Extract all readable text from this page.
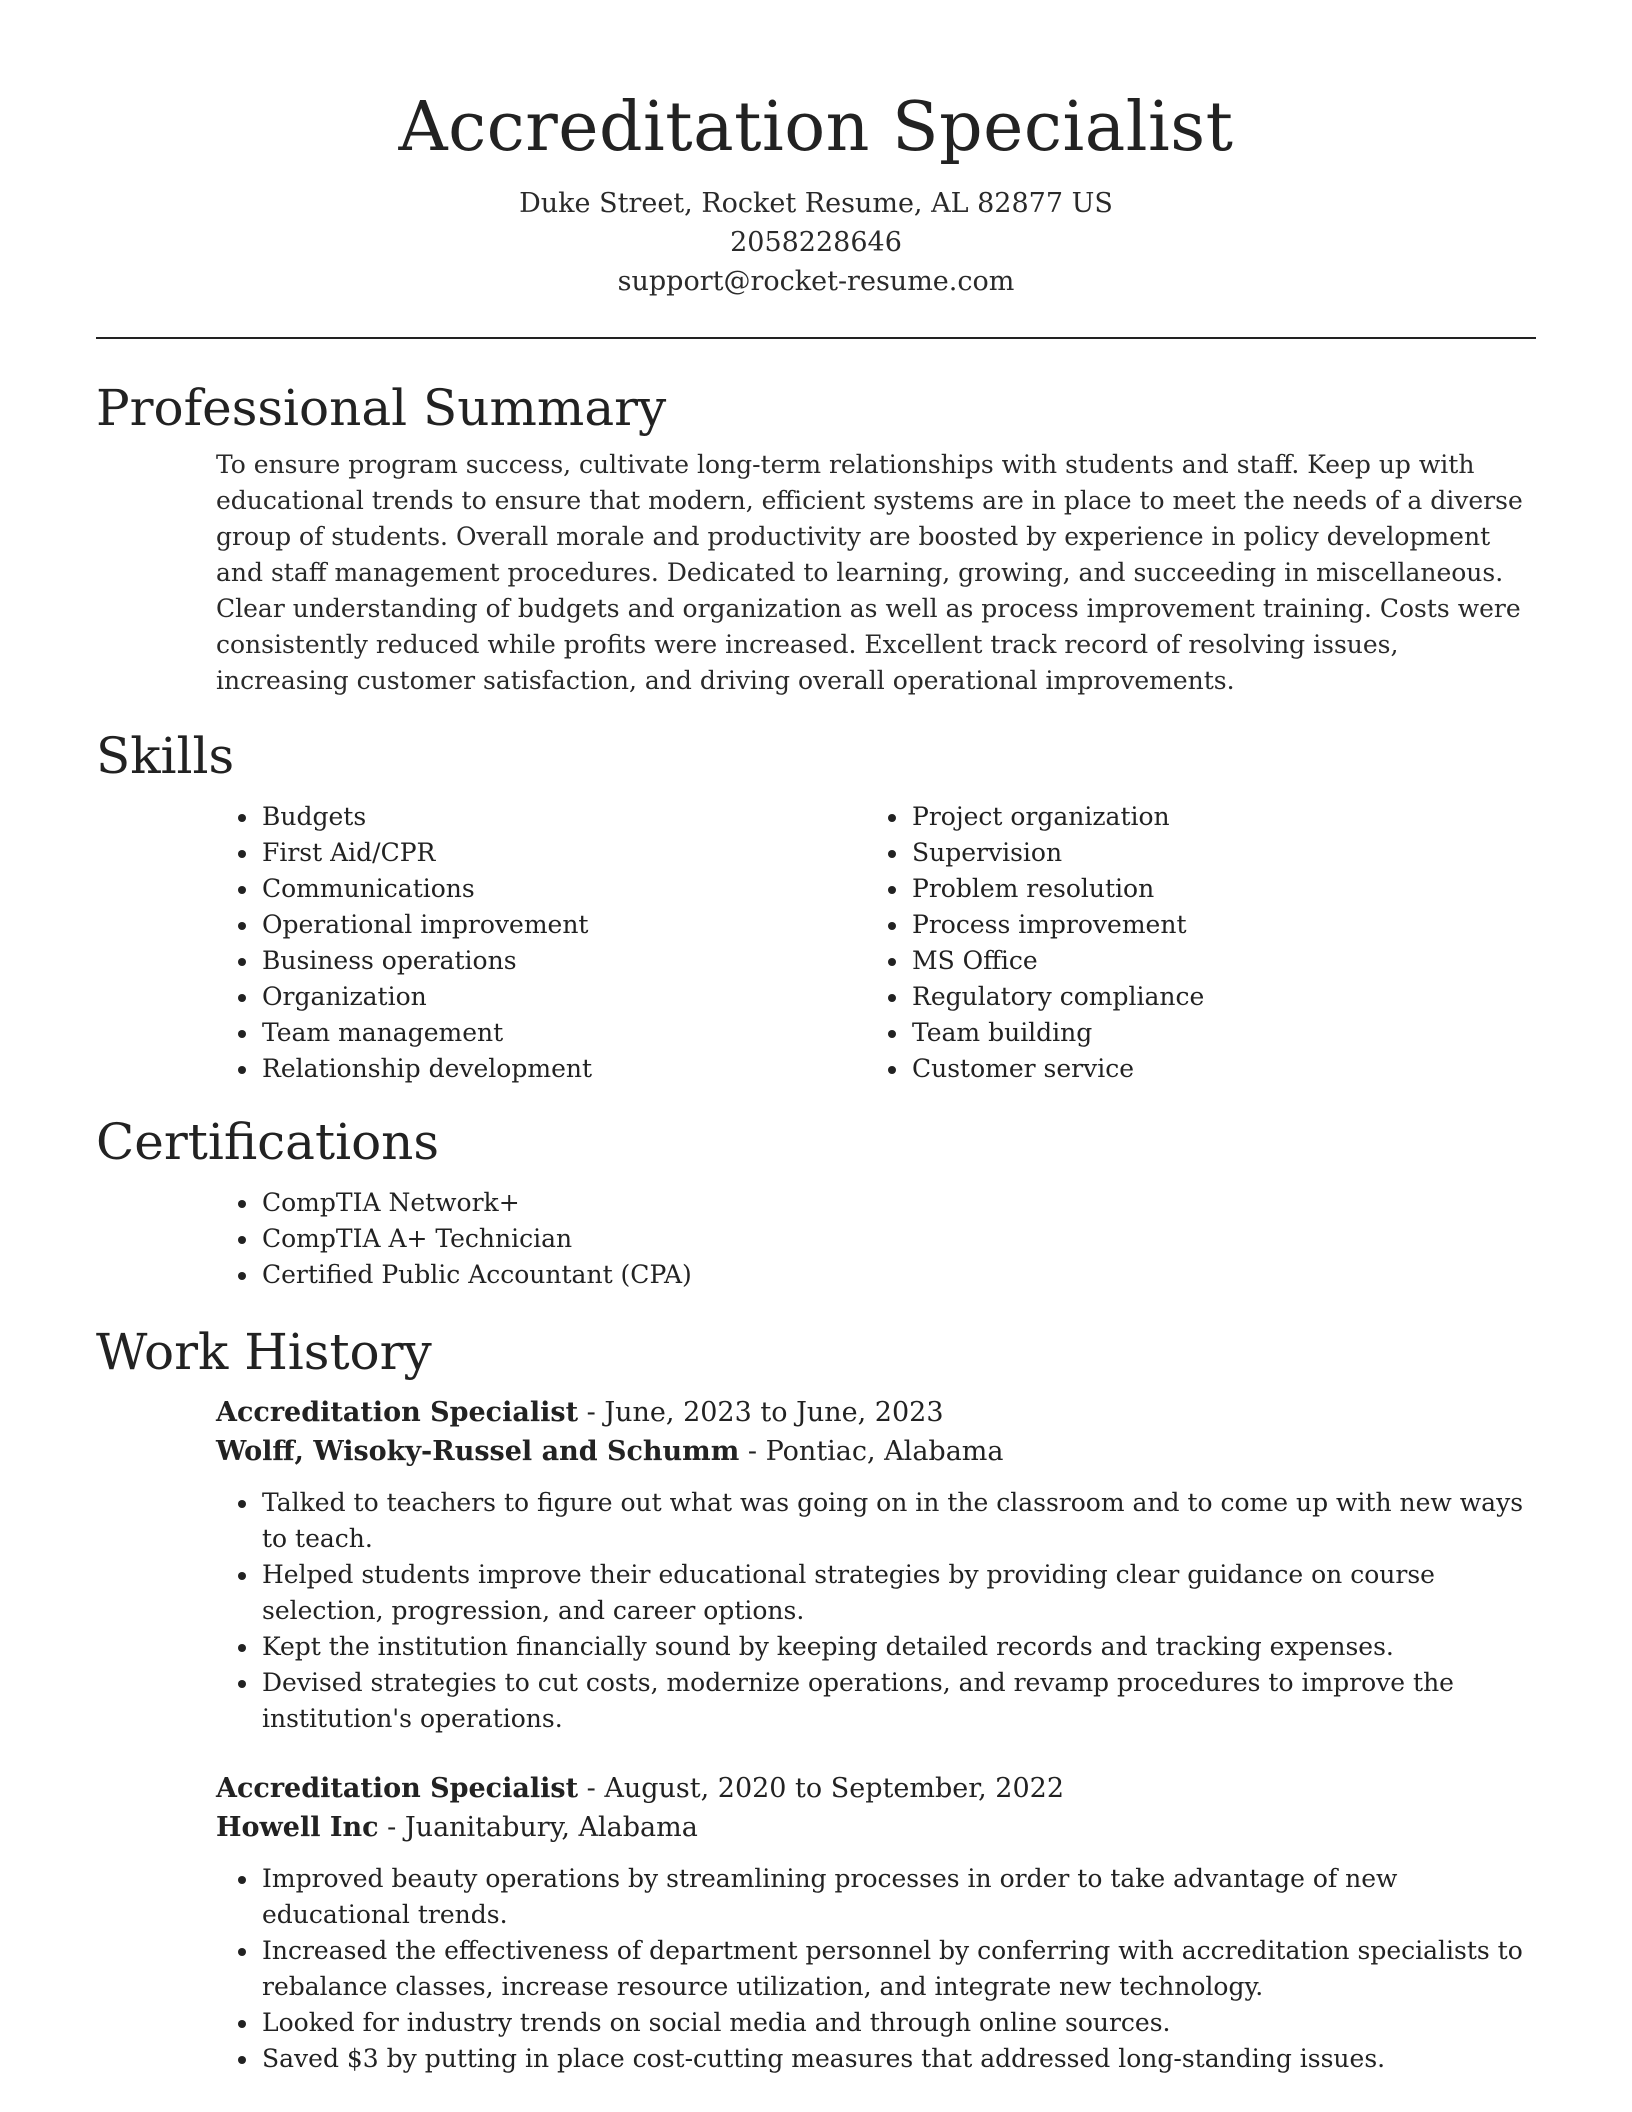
Accreditation Specialist
Duke Street, Rocket Resume, AL 82877 US
2058228646
support@rocket-resume.com
Professional Summary
To ensure program success, cultivate long-term relationships with students and staff. Keep up with educational trends to ensure that modern, efficient systems are in place to meet the needs of a diverse group of students. Overall morale and productivity are boosted by experience in policy development and staff management procedures. Dedicated to learning, growing, and succeeding in miscellaneous. Clear understanding of budgets and organization as well as process improvement training. Costs were consistently reduced while profits were increased. Excellent track record of resolving issues, increasing customer satisfaction, and driving overall operational improvements.
Skills
• Budgets
• First Aid/CPR
• Communications
• Operational improvement
• Business operations
• Organization
• Team management
• Relationship development
• Project organization
• Supervision
• Problem resolution
• Process improvement
• MS Office
• Regulatory compliance
• Team building
• Customer service
Certifications
• CompTIA Network+
• CompTIA A+ Technician
• Certified Public Accountant (CPA)
Work History
Accreditation Specialist - June, 2023 to June, 2023
Wolff, Wisoky-Russel and Schumm - Pontiac, Alabama
• Talked to teachers to figure out what was going on in the classroom and to come up with new ways to teach.
• Helped students improve their educational strategies by providing clear guidance on course selection, progression, and career options.
• Kept the institution financially sound by keeping detailed records and tracking expenses.
• Devised strategies to cut costs, modernize operations, and revamp procedures to improve the institution's operations.
Accreditation Specialist - August, 2020 to September, 2022
Howell Inc - Juanitabury, Alabama
• Improved beauty operations by streamlining processes in order to take advantage of new educational trends.
• Increased the effectiveness of department personnel by conferring with accreditation specialists to rebalance classes, increase resource utilization, and integrate new technology.
• Looked for industry trends on social media and through online sources.
• Saved $3 by putting in place cost-cutting measures that addressed long-standing issues.
